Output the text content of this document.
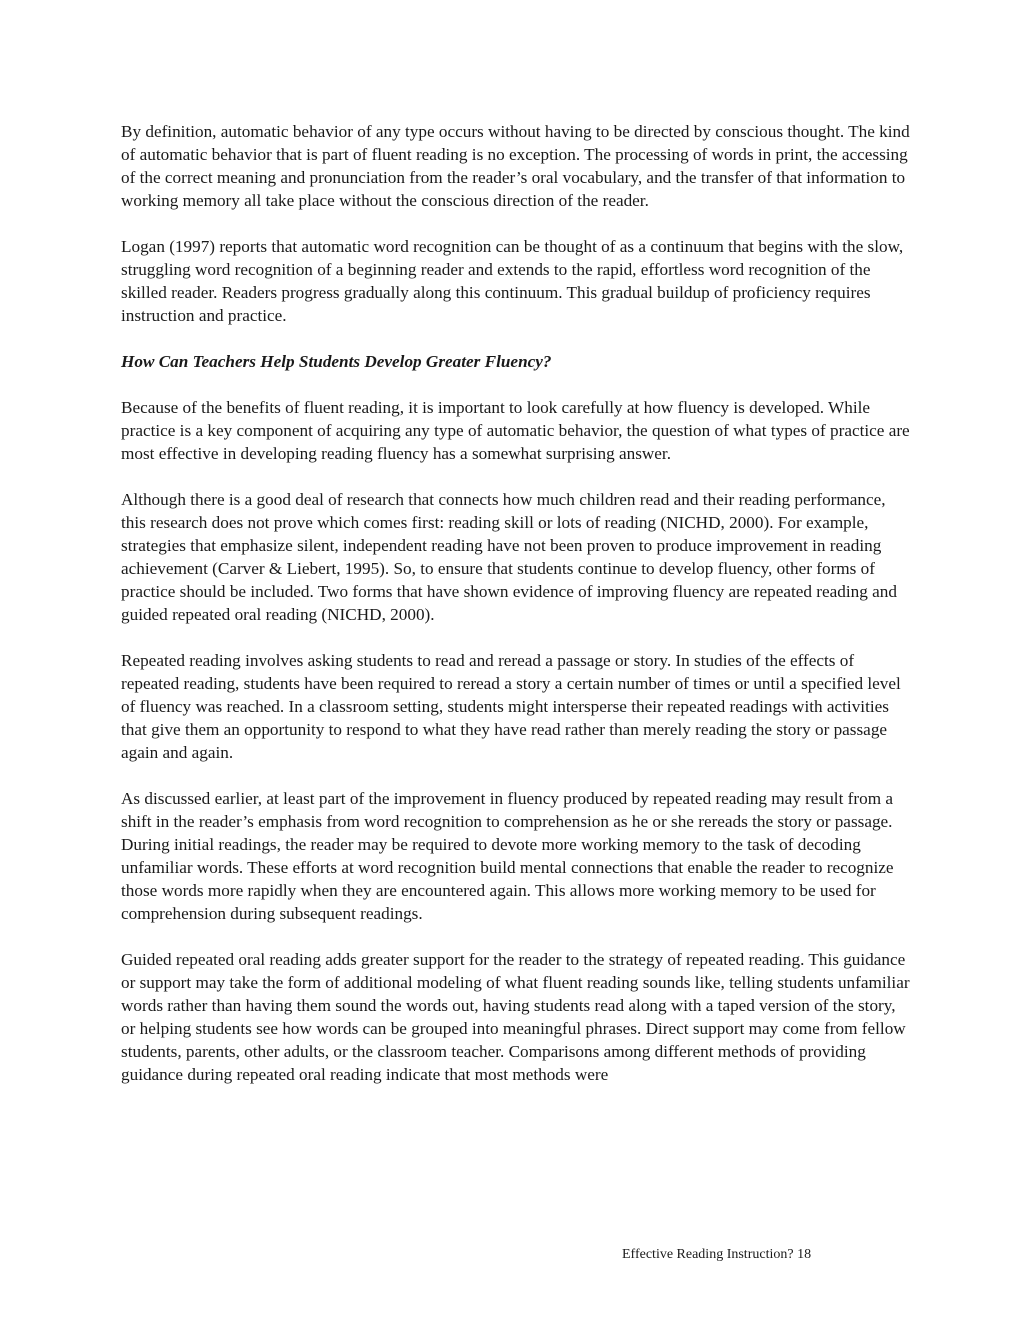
By definition, automatic behavior of any type occurs without having to be directed by conscious thought. The kind of automatic behavior that is part of fluent reading is no exception. The processing of words in print, the accessing of the correct meaning and pronunciation from the reader’s oral vocabulary, and the transfer of that information to working memory all take place without the conscious direction of the reader.

Logan (1997) reports that automatic word recognition can be thought of as a continuum that begins with the slow, struggling word recognition of a beginning reader and extends to the rapid, effortless word recognition of the skilled reader. Readers progress gradually along this continuum. This gradual buildup of proficiency requires instruction and practice.

How Can Teachers Help Students Develop Greater Fluency?

Because of the benefits of fluent reading, it is important to look carefully at how fluency is developed. While practice is a key component of acquiring any type of automatic behavior, the question of what types of practice are most effective in developing reading fluency has a somewhat surprising answer.

Although there is a good deal of research that connects how much children read and their reading performance, this research does not prove which comes first: reading skill or lots of reading (NICHD, 2000). For example, strategies that emphasize silent, independent reading have not been proven to produce improvement in reading achievement (Carver & Liebert, 1995). So, to ensure that students continue to develop fluency, other forms of practice should be included. Two forms that have shown evidence of improving fluency are repeated reading and guided repeated oral reading (NICHD, 2000).

Repeated reading involves asking students to read and reread a passage or story. In studies of the effects of repeated reading, students have been required to reread a story a certain number of times or until a specified level of fluency was reached. In a classroom setting, students might intersperse their repeated readings with activities that give them an opportunity to respond to what they have read rather than merely reading the story or passage again and again.

As discussed earlier, at least part of the improvement in fluency produced by repeated reading may result from a shift in the reader’s emphasis from word recognition to comprehension as he or she rereads the story or passage. During initial readings, the reader may be required to devote more working memory to the task of decoding unfamiliar words. These efforts at word recognition build mental connections that enable the reader to recognize those words more rapidly when they are encountered again. This allows more working memory to be used for comprehension during subsequent readings.

Guided repeated oral reading adds greater support for the reader to the strategy of repeated reading. This guidance or support may take the form of additional modeling of what fluent reading sounds like, telling students unfamiliar words rather than having them sound the words out, having students read along with a taped version of the story, or helping students see how words can be grouped into meaningful phrases. Direct support may come from fellow students, parents, other adults, or the classroom teacher. Comparisons among different methods of providing guidance during repeated oral reading indicate that most methods were

Effective Reading Instruction? 18
